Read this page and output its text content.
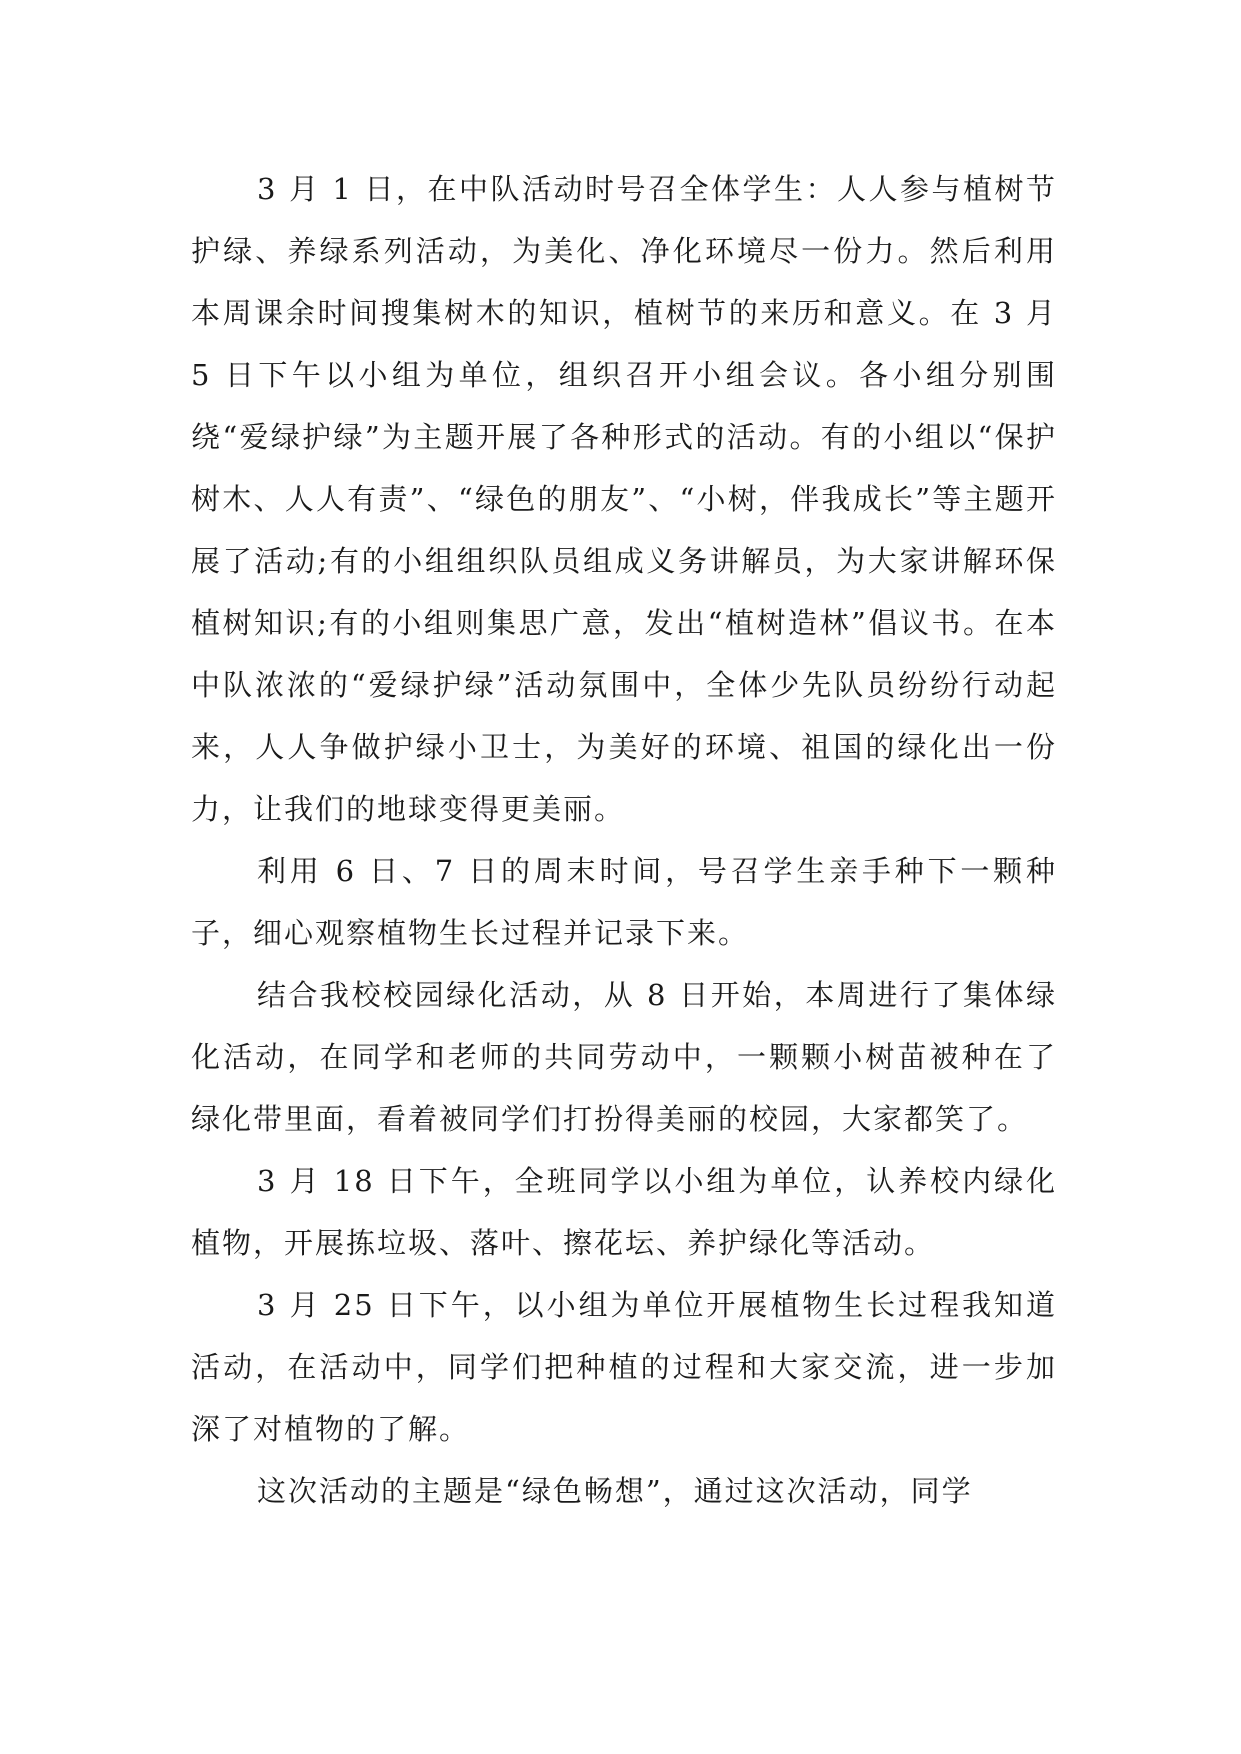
3 月 1 日，在中队活动时号召全体学生：人人参与植树节护绿、养绿系列活动，为美化、净化环境尽一份力。然后利用本周课余时间搜集树木的知识，植树节的来历和意义。在 3 月 5 日下午以小组为单位，组织召开小组会议。各小组分别围绕“爱绿护绿”为主题开展了各种形式的活动。有的小组以“保护树木、人人有责”、“绿色的朋友”、“小树，伴我成长”等主题开展了活动;有的小组组织队员组成义务讲解员，为大家讲解环保植树知识;有的小组则集思广意，发出“植树造林”倡议书。在本中队浓浓的“爱绿护绿”活动氛围中，全体少先队员纷纷行动起来，人人争做护绿小卫士，为美好的环境、祖国的绿化出一份力，让我们的地球变得更美丽。

利用 6 日、7 日的周末时间，号召学生亲手种下一颗种子，细心观察植物生长过程并记录下来。

结合我校校园绿化活动，从 8 日开始，本周进行了集体绿化活动，在同学和老师的共同劳动中，一颗颗小树苗被种在了绿化带里面，看着被同学们打扮得美丽的校园，大家都笑了。

3 月 18 日下午，全班同学以小组为单位，认养校内绿化植物，开展拣垃圾、落叶、擦花坛、养护绿化等活动。

3 月 25 日下午，以小组为单位开展植物生长过程我知道活动，在活动中，同学们把种植的过程和大家交流，进一步加深了对植物的了解。

这次活动的主题是“绿色畅想”，通过这次活动，同学
